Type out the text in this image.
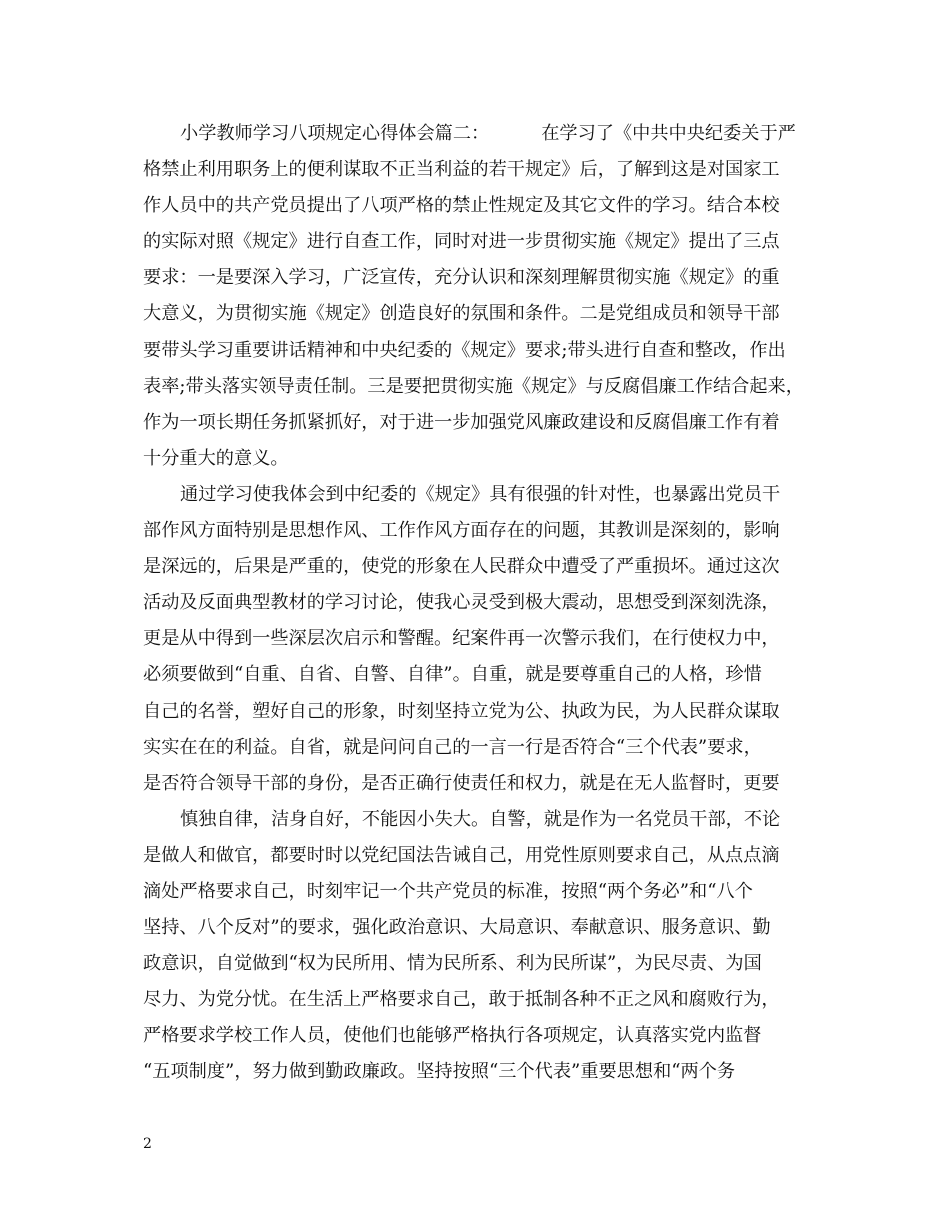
小学教师学习八项规定心得体会篇二：	在学习了《中共中央纪委关于严
格禁止利用职务上的便利谋取不正当利益的若干规定》后，了解到这是对国家工
作人员中的共产党员提出了八项严格的禁止性规定及其它文件的学习。结合本校
的实际对照《规定》进行自查工作，同时对进一步贯彻实施《规定》提出了三点
要求：一是要深入学习，广泛宣传，充分认识和深刻理解贯彻实施《规定》的重
大意义，为贯彻实施《规定》创造良好的氛围和条件。二是党组成员和领导干部
要带头学习重要讲话精神和中央纪委的《规定》要求;带头进行自查和整改，作出
表率;带头落实领导责任制。三是要把贯彻实施《规定》与反腐倡廉工作结合起来，
作为一项长期任务抓紧抓好，对于进一步加强党风廉政建设和反腐倡廉工作有着
十分重大的意义。
通过学习使我体会到中纪委的《规定》具有很强的针对性，也暴露出党员干
部作风方面特别是思想作风、工作作风方面存在的问题，其教训是深刻的，影响
是深远的，后果是严重的，使党的形象在人民群众中遭受了严重损坏。通过这次
活动及反面典型教材的学习讨论，使我心灵受到极大震动，思想受到深刻洗涤，
更是从中得到一些深层次启示和警醒。纪案件再一次警示我们，在行使权力中，
必须要做到“自重、自省、自警、自律”。自重，就是要尊重自己的人格，珍惜
自己的名誉，塑好自己的形象，时刻坚持立党为公、执政为民，为人民群众谋取
实实在在的利益。自省，就是问问自己的一言一行是否符合“三个代表”要求，
是否符合领导干部的身份，是否正确行使责任和权力，就是在无人监督时，更要
慎独自律，洁身自好，不能因小失大。自警，就是作为一名党员干部，不论
是做人和做官，都要时时以党纪国法告诫自己，用党性原则要求自己，从点点滴
滴处严格要求自己，时刻牢记一个共产党员的标准，按照“两个务必”和“八个
坚持、八个反对”的要求，强化政治意识、大局意识、奉献意识、服务意识、勤
政意识，自觉做到“权为民所用、情为民所系、利为民所谋”，为民尽责、为国
尽力、为党分忧。在生活上严格要求自己，敢于抵制各种不正之风和腐败行为，
严格要求学校工作人员，使他们也能够严格执行各项规定，认真落实党内监督
“五项制度”，努力做到勤政廉政。坚持按照“三个代表”重要思想和“两个务
2
